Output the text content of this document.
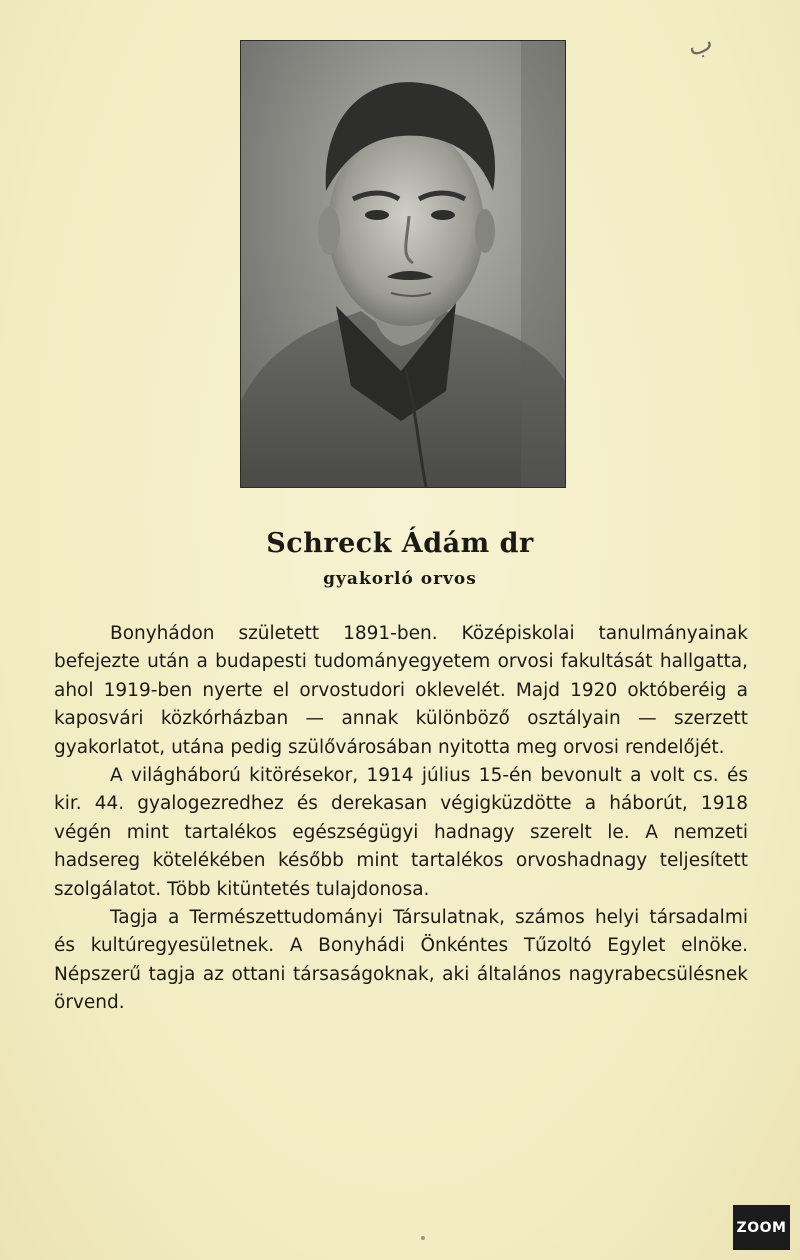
ب
Schreck Ádám dr
gyakorló orvos

Bonyhádon született 1891-ben. Középiskolai tanulmányainak befejezte után a budapesti tudományegyetem orvosi fakultását hallgatta, ahol 1919-ben nyerte el orvostudori oklevelét. Majd 1920 októberéig a kaposvári közkórházban — annak különböző osztályain — szerzett gyakorlatot, utána pedig szülővárosában nyitotta meg orvosi rendelőjét.

A világháború kitörésekor, 1914 július 15-én bevonult a volt cs. és kir. 44. gyalogezredhez és derekasan végigküzdötte a háborút, 1918 végén mint tartalékos egészségügyi hadnagy szerelt le. A nemzeti hadsereg kötelékében később mint tartalékos orvoshadnagy teljesített szolgálatot. Több kitüntetés tulajdonosa.

Tagja a Természettudományi Társulatnak, számos helyi társadalmi és kultúregyesületnek. A Bonyhádi Önkéntes Tűzoltó Egylet elnöke. Népszerű tagja az ottani társaságoknak, aki általános nagyrabecsülésnek örvend.

ZOOM
